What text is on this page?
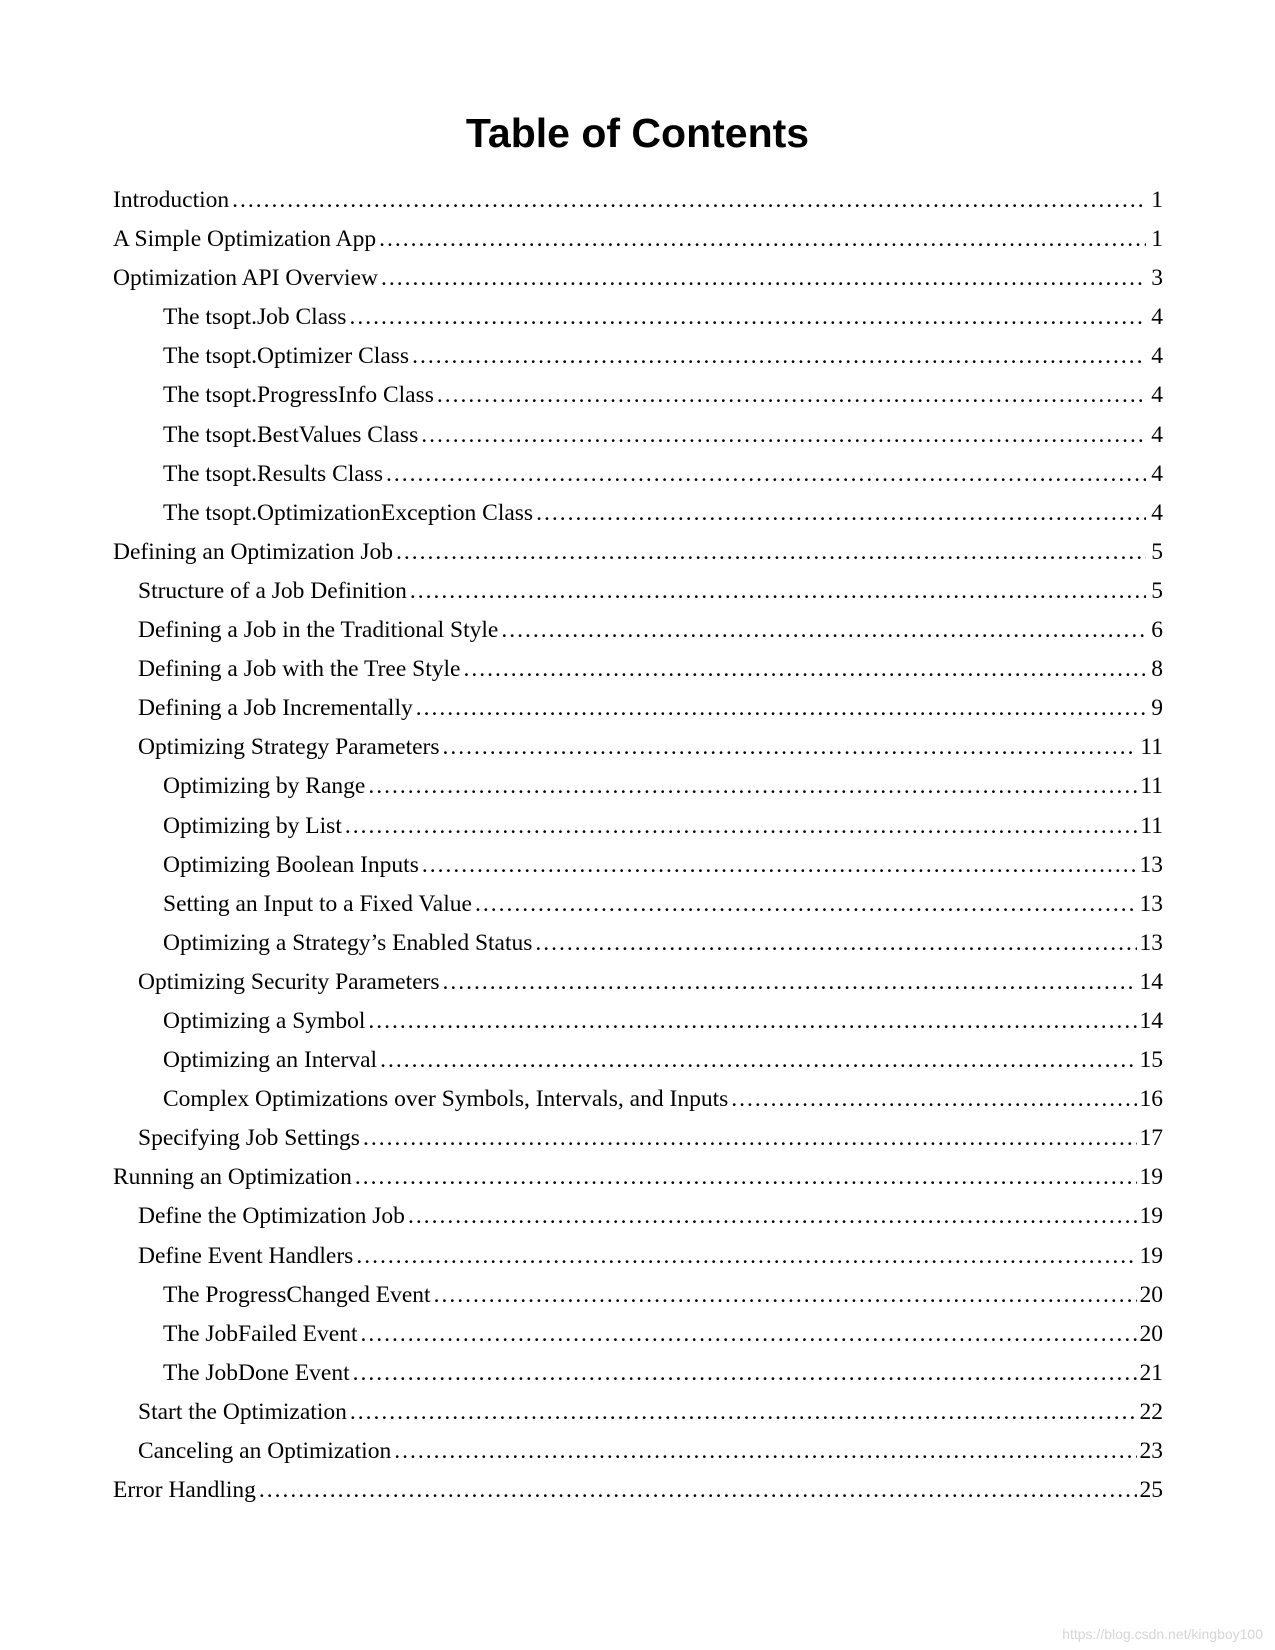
Table of Contents
Introduction .....	1
A Simple Optimization App .....	1
Optimization API Overview .....	3
The tsopt.Job Class .....	4
The tsopt.Optimizer Class .....	4
The tsopt.ProgressInfo Class .....	4
The tsopt.BestValues Class .....	4
The tsopt.Results Class .....	4
The tsopt.OptimizationException Class .....	4
Defining an Optimization Job .....	5
Structure of a Job Definition .....	5
Defining a Job in the Traditional Style .....	6
Defining a Job with the Tree Style .....	8
Defining a Job Incrementally .....	9
Optimizing Strategy Parameters .....	11
Optimizing by Range .....	11
Optimizing by List .....	11
Optimizing Boolean Inputs .....	13
Setting an Input to a Fixed Value .....	13
Optimizing a Strategy’s Enabled Status .....	13
Optimizing Security Parameters .....	14
Optimizing a Symbol .....	14
Optimizing an Interval .....	15
Complex Optimizations over Symbols, Intervals, and Inputs .....	16
Specifying Job Settings .....	17
Running an Optimization .....	19
Define the Optimization Job .....	19
Define Event Handlers .....	19
The ProgressChanged Event .....	20
The JobFailed Event .....	20
The JobDone Event .....	21
Start the Optimization .....	22
Canceling an Optimization .....	23
Error Handling .....	25
https://blog.csdn.net/kingboy100
